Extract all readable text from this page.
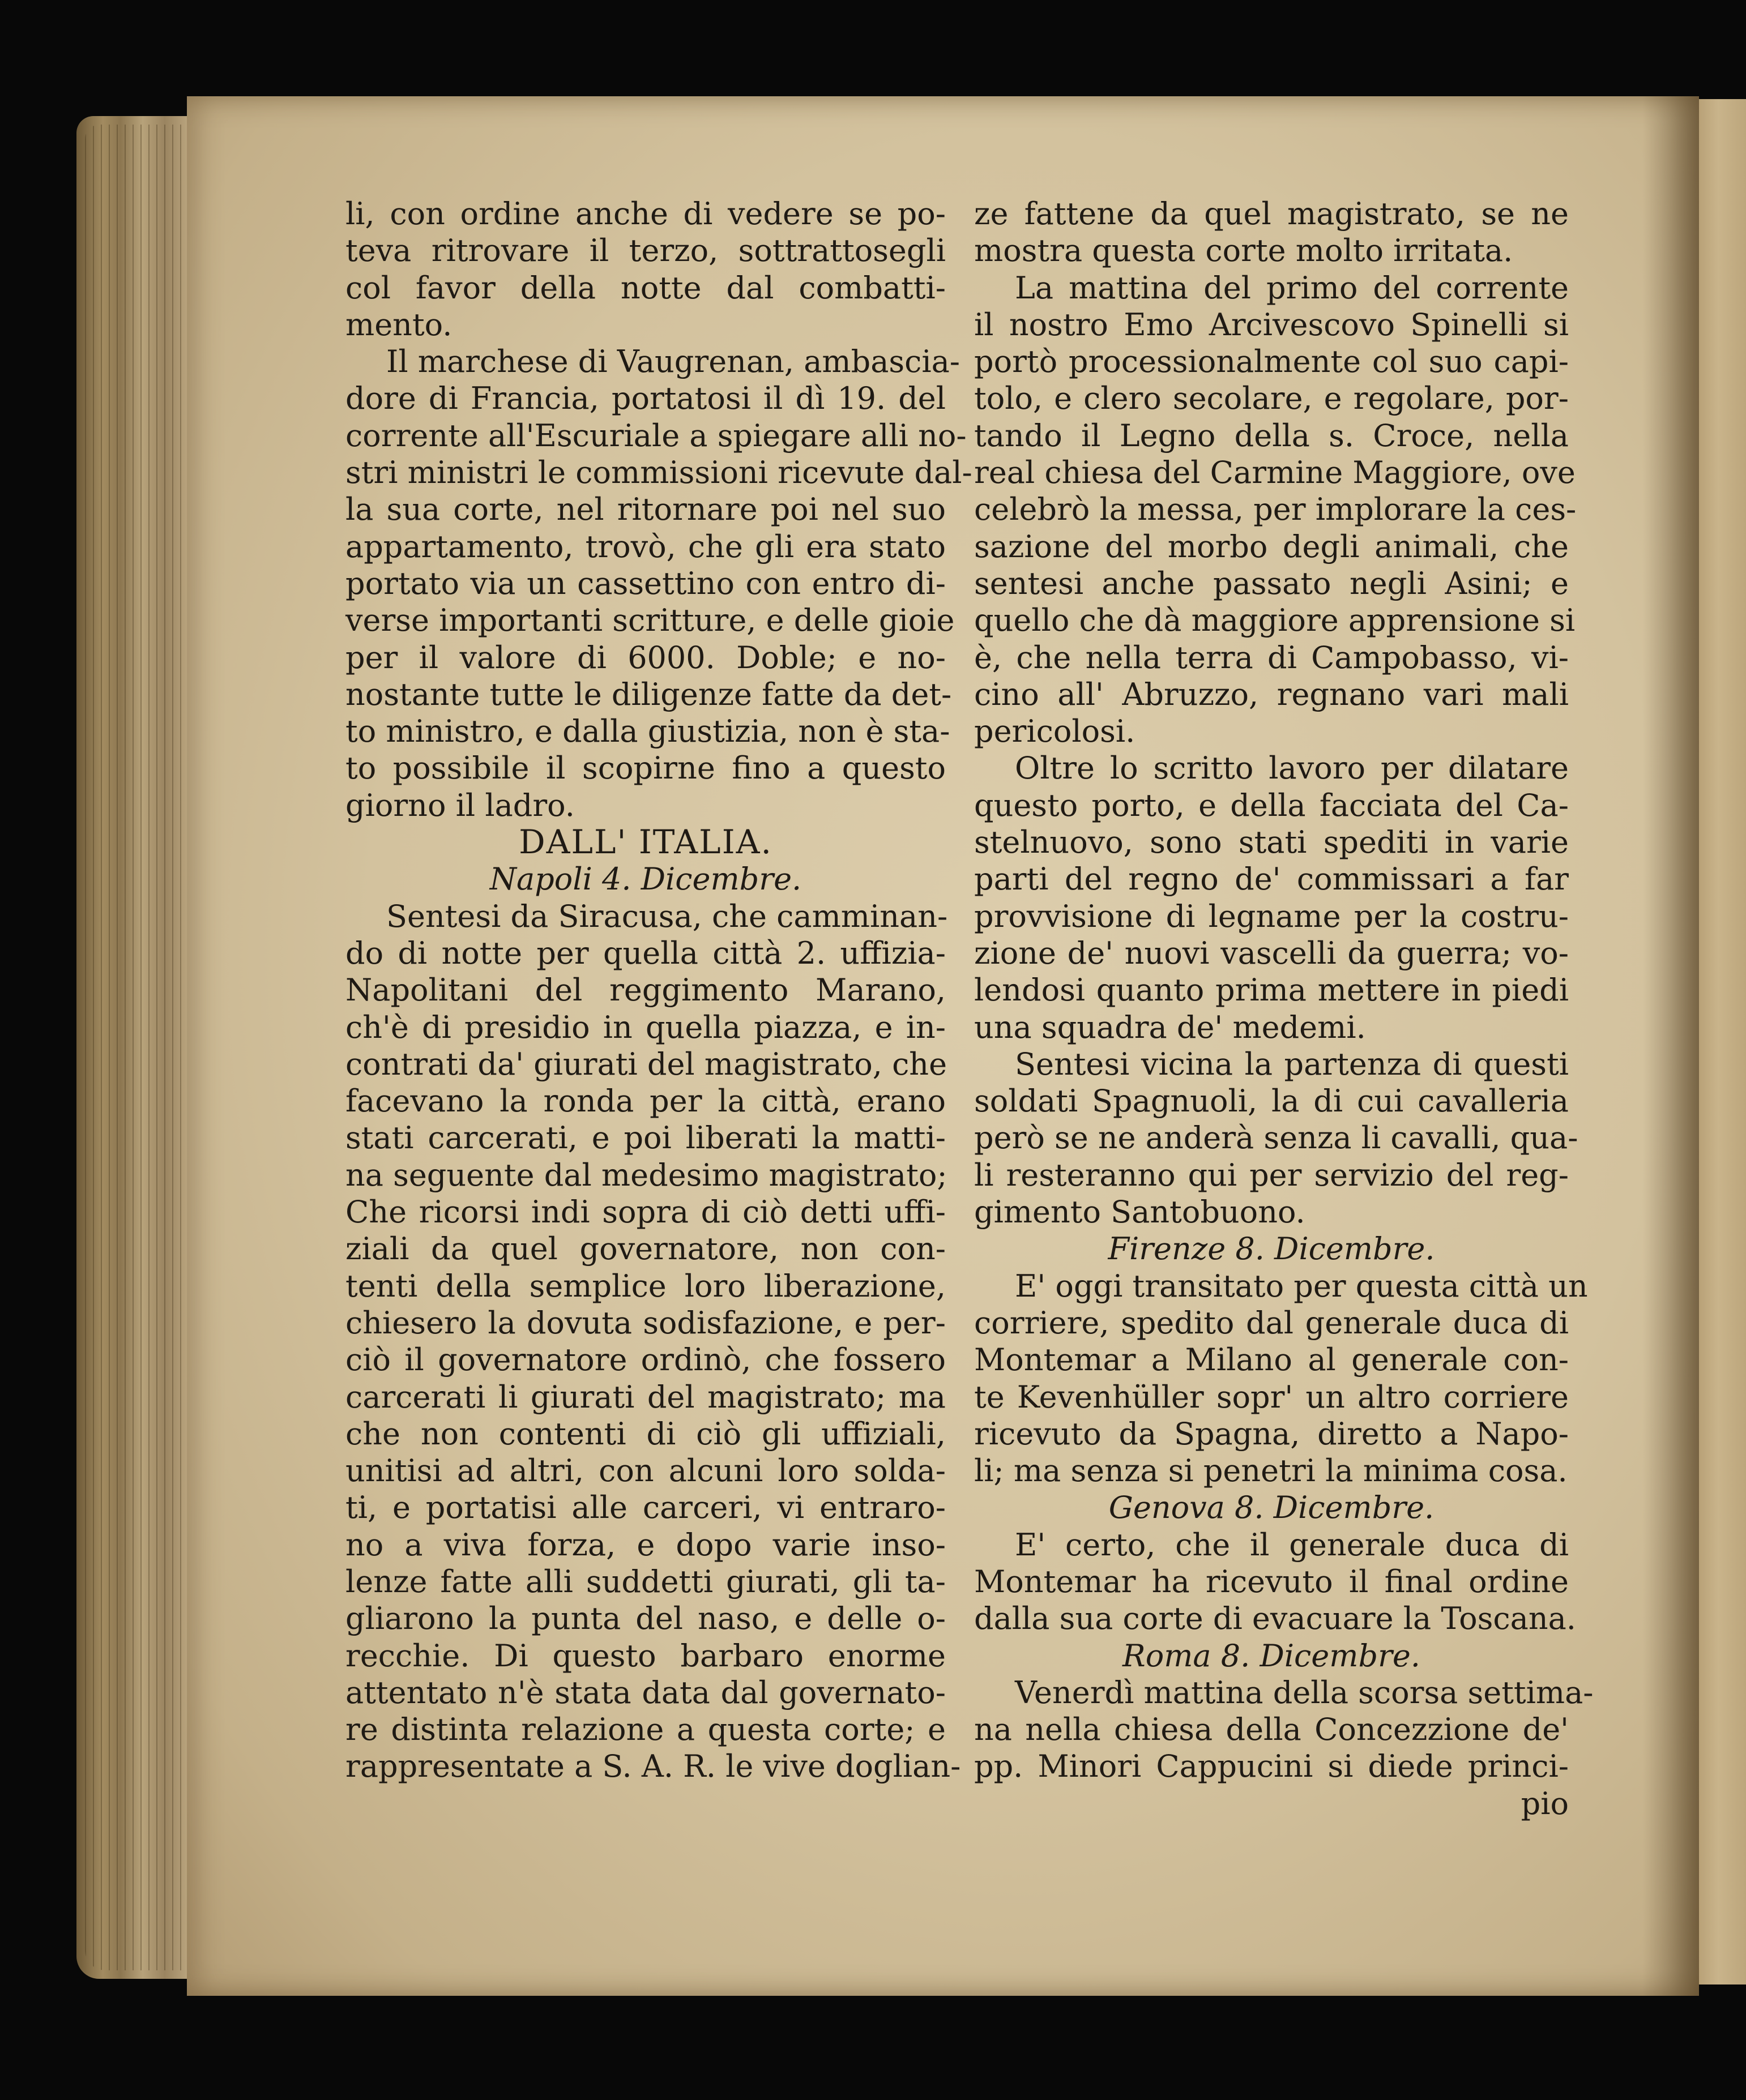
li, con ordine anche di vedere se po-
teva ritrovare il terzo, sottrattosegli
col favor della notte dal combatti-
mento.
Il marchese di Vaugrenan, ambascia-
dore di Francia, portatosi il dì 19. del
corrente all'Escuriale a spiegare alli no-
stri ministri le commissioni ricevute dal-
la sua corte, nel ritornare poi nel suo
appartamento, trovò, che gli era stato
portato via un cassettino con entro di-
verse importanti scritture, e delle gioie
per il valore di 6000. Doble; e no-
nostante tutte le diligenze fatte da det-
to ministro, e dalla giustizia, non è sta-
to possibile il scopirne fino a questo
giorno il ladro.
DALL' ITALIA.
Napoli 4. Dicembre.
Sentesi da Siracusa, che camminan-
do di notte per quella città 2. uffizia-
Napolitani del reggimento Marano,
ch'è di presidio in quella piazza, e in-
contrati da' giurati del magistrato, che
facevano la ronda per la città, erano
stati carcerati, e poi liberati la matti-
na seguente dal medesimo magistrato;
Che ricorsi indi sopra di ciò detti uffi-
ziali da quel governatore, non con-
tenti della semplice loro liberazione,
chiesero la dovuta sodisfazione, e per-
ciò il governatore ordinò, che fossero
carcerati li giurati del magistrato; ma
che non contenti di ciò gli uffiziali,
unitisi ad altri, con alcuni loro solda-
ti, e portatisi alle carceri, vi entraro-
no a viva forza, e dopo varie inso-
lenze fatte alli suddetti giurati, gli ta-
gliarono la punta del naso, e delle o-
recchie. Di questo barbaro enorme
attentato n'è stata data dal governato-
re distinta relazione a questa corte; e
rappresentate a S. A. R. le vive doglian-
ze fattene da quel magistrato, se ne
mostra questa corte molto irritata.
La mattina del primo del corrente
il nostro Emo Arcivescovo Spinelli si
portò processionalmente col suo capi-
tolo, e clero secolare, e regolare, por-
tando il Legno della s. Croce, nella
real chiesa del Carmine Maggiore, ove
celebrò la messa, per implorare la ces-
sazione del morbo degli animali, che
sentesi anche passato negli Asini; e
quello che dà maggiore apprensione si
è, che nella terra di Campobasso, vi-
cino all' Abruzzo, regnano vari mali
pericolosi.
Oltre lo scritto lavoro per dilatare
questo porto, e della facciata del Ca-
stelnuovo, sono stati spediti in varie
parti del regno de' commissari a far
provvisione di legname per la costru-
zione de' nuovi vascelli da guerra; vo-
lendosi quanto prima mettere in piedi
una squadra de' medemi.
Sentesi vicina la partenza di questi
soldati Spagnuoli, la di cui cavalleria
però se ne anderà senza li cavalli, qua-
li resteranno qui per servizio del reg-
gimento Santobuono.
Firenze 8. Dicembre.
E' oggi transitato per questa città un
corriere, spedito dal generale duca di
Montemar a Milano al generale con-
te Kevenhüller sopr' un altro corriere
ricevuto da Spagna, diretto a Napo-
li; ma senza si penetri la minima cosa.
Genova 8. Dicembre.
E' certo, che il generale duca di
Montemar ha ricevuto il final ordine
dalla sua corte di evacuare la Toscana.
Roma 8. Dicembre.
Venerdì mattina della scorsa settima-
na nella chiesa della Concezzione de'
pp. Minori Cappucini si diede princi-
pio
